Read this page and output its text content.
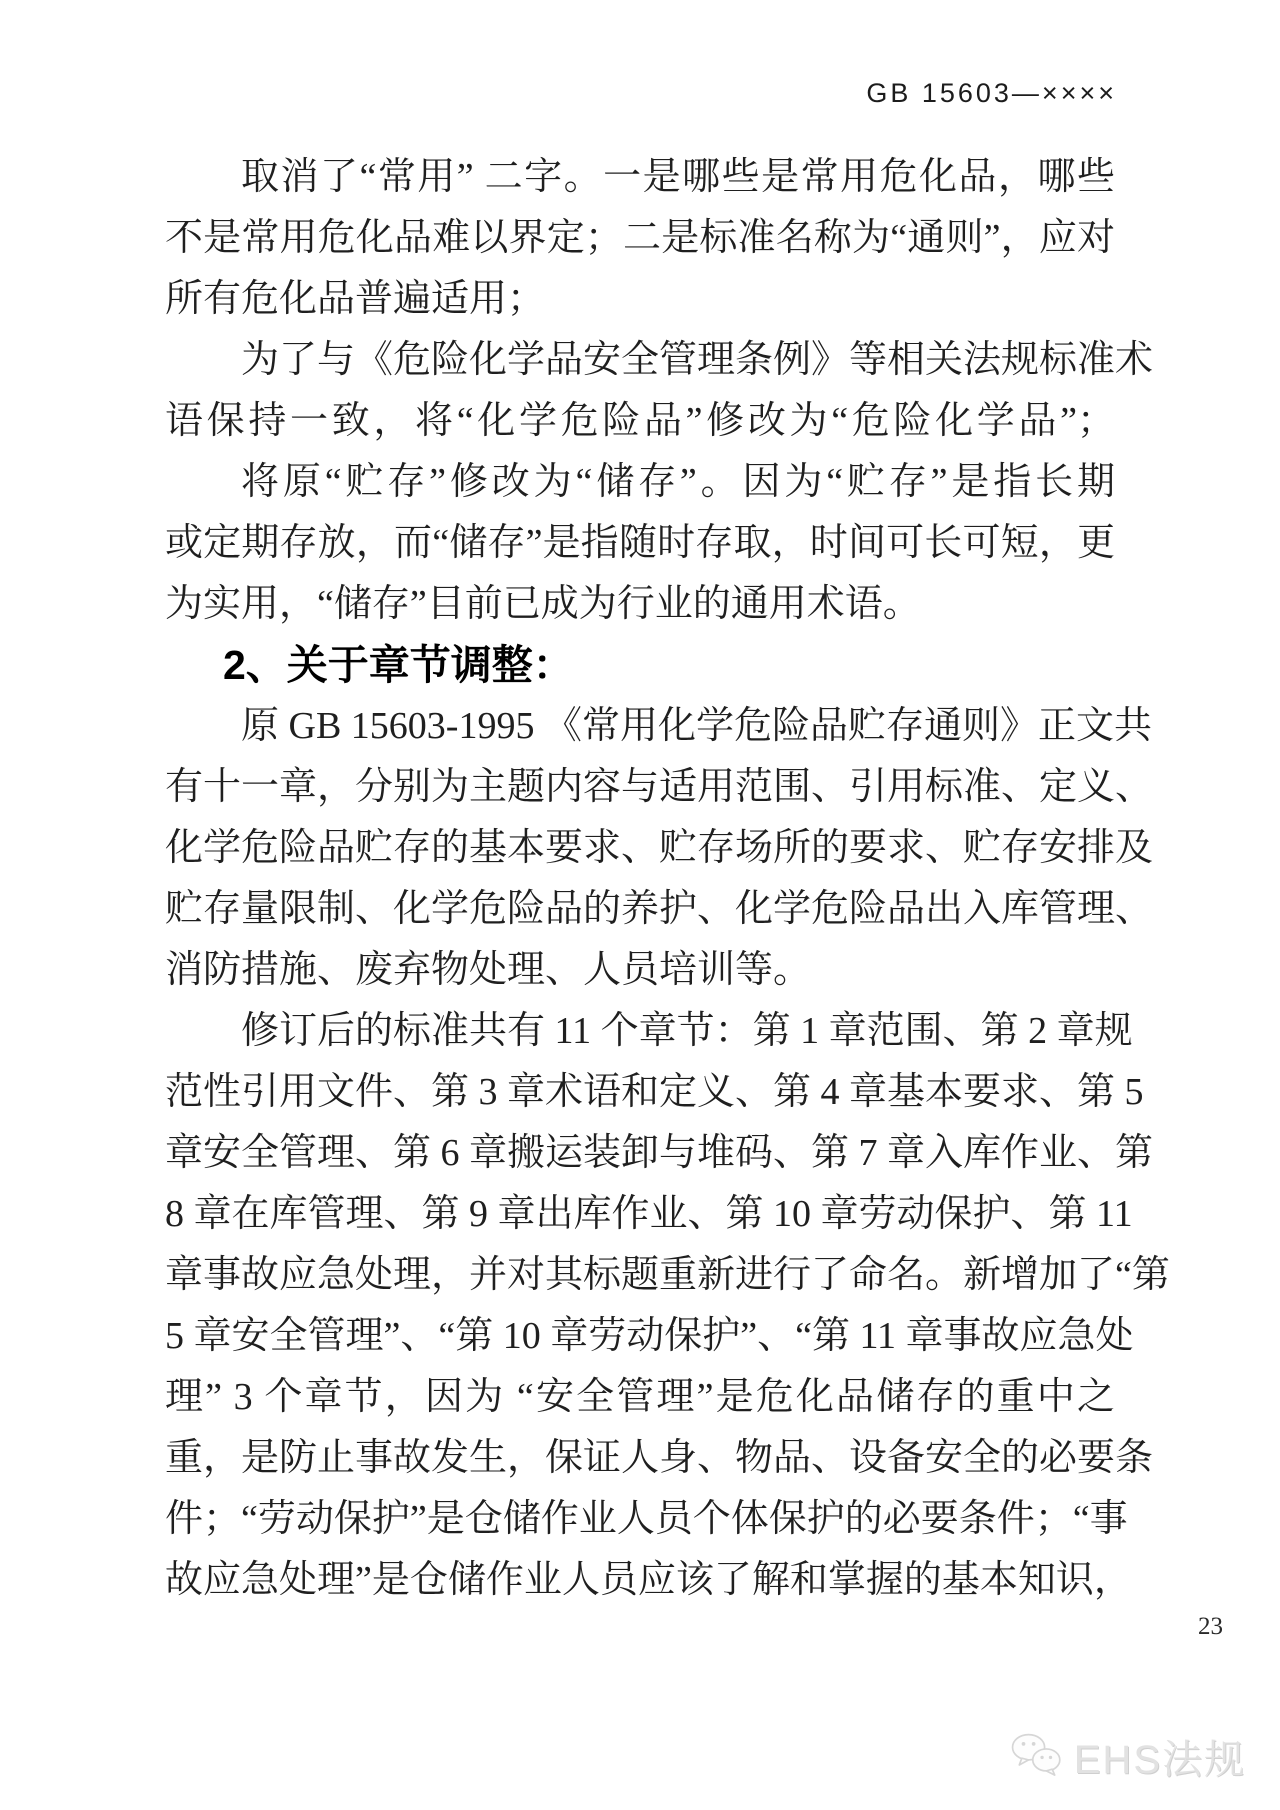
GB 15603—××××

取消了“常用” 二字。一是哪些是常用危化品，哪些

不是常用危化品难以界定；二是标准名称为“通则”，应对

所有危化品普遍适用；

为了与《危险化学品安全管理条例》等相关法规标准术

语保持一致，将“化学危险品”修改为“危险化学品”；

将原“贮存”修改为“储存”。因为“贮存”是指长期

或定期存放，而“储存”是指随时存取，时间可长可短，更

为实用，“储存”目前已成为行业的通用术语。

2、关于章节调整：

原 GB 15603-1995 《常用化学危险品贮存通则》正文共

有十一章，分别为主题内容与适用范围、引用标准、定义、

化学危险品贮存的基本要求、贮存场所的要求、贮存安排及

贮存量限制、化学危险品的养护、化学危险品出入库管理、

消防措施、废弃物处理、人员培训等。

修订后的标准共有 11 个章节：第 1 章范围、第 2 章规

范性引用文件、第 3 章术语和定义、第 4 章基本要求、第 5

章安全管理、第 6 章搬运装卸与堆码、第 7 章入库作业、第

8 章在库管理、第 9 章出库作业、第 10 章劳动保护、第 11

章事故应急处理，并对其标题重新进行了命名。新增加了“第

5 章安全管理”、“第 10 章劳动保护”、“第 11 章事故应急处

理” 3 个章节，因为 “安全管理”是危化品储存的重中之

重，是防止事故发生，保证人身、物品、设备安全的必要条

件；“劳动保护”是仓储作业人员个体保护的必要条件；“事

故应急处理”是仓储作业人员应该了解和掌握的基本知识，

23
EHS法规
